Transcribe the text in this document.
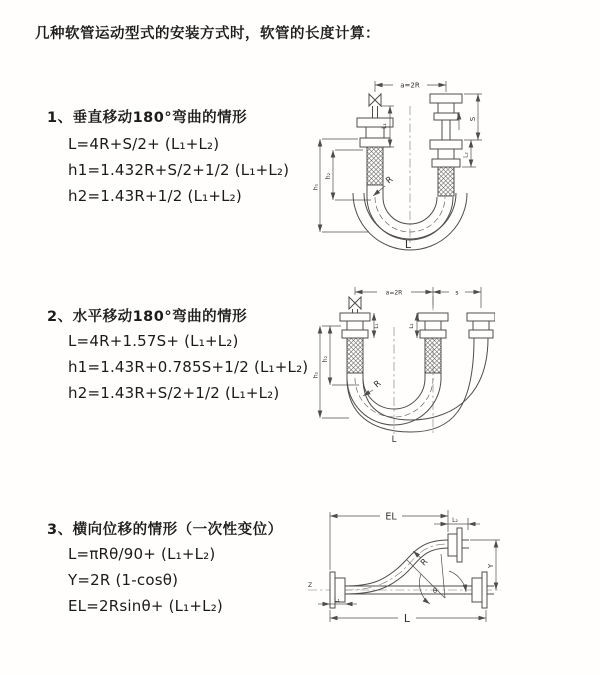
几种软管运动型式的安装方式时，软管的长度计算：
1、垂直移动180°弯曲的情形
L=4R+S/2+ (L₁+L₂)
h1=1.432R+S/2+1/2 (L₁+L₂)
h2=1.43R+1/2 (L₁+L₂)
2、水平移动180°弯曲的情形
L=4R+1.57S+ (L₁+L₂)
h1=1.43R+0.785S+1/2 (L₁+L₂)
h2=1.43R+S/2+1/2 (L₁+L₂)
3、横向位移的情形（一次性变位）
L=πRθ/90+ (L₁+L₂)
Y=2R (1-cosθ)
EL=2Rsinθ+ (L₁+L₂)
a=2R
L₁
S
L₂
h₁
h₂	R
L
a=2R	s
h₁
h₂
L₁	L₂
R
L
Z
EL	L₂
Y
R
θ
L
L₁
